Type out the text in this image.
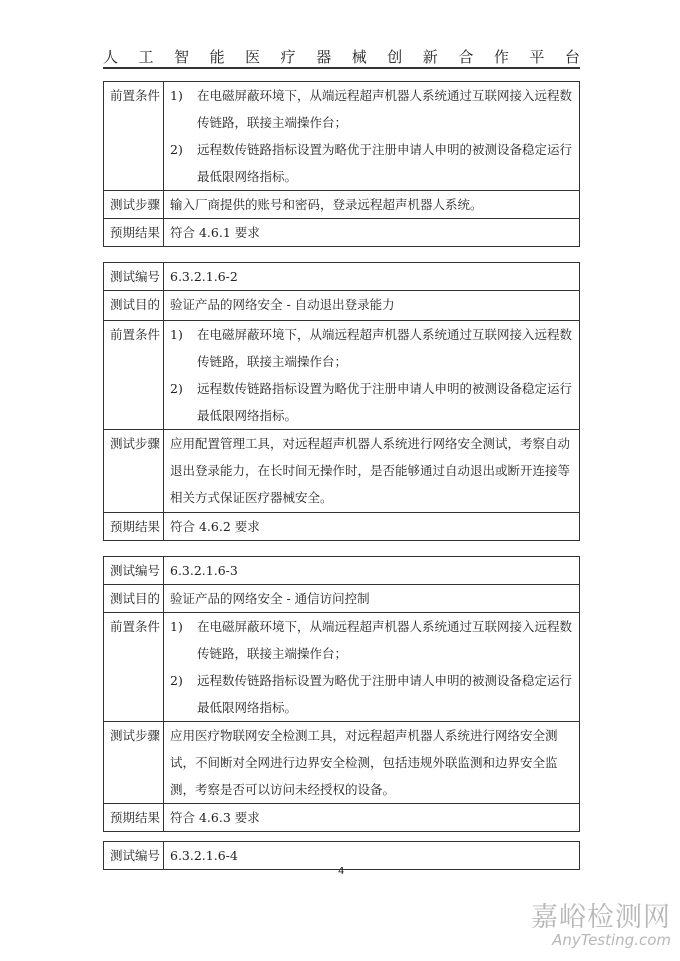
人 工 智 能 医 疗 器 械 创 新 合 作 平 台
前置条件	1) 在电磁屏蔽环境下，从端远程超声机器人系统通过互联网接入远程数传链路，联接主端操作台；
2) 远程数传链路指标设置为略优于注册申请人申明的被测设备稳定运行最低限网络指标。

测试步骤	输入厂商提供的账号和密码，登录远程超声机器人系统。
预期结果	符合 4.6.1 要求
测试编号	6.3.2.1.6-2
测试目的	验证产品的网络安全 - 自动退出登录能力
前置条件	1) 在电磁屏蔽环境下，从端远程超声机器人系统通过互联网接入远程数传链路，联接主端操作台；
2) 远程数传链路指标设置为略优于注册申请人申明的被测设备稳定运行最低限网络指标。

测试步骤	应用配置管理工具，对远程超声机器人系统进行网络安全测试，考察自动退出登录能力，在长时间无操作时，是否能够通过自动退出或断开连接等相关方式保证医疗器械安全。
预期结果	符合 4.6.2 要求
测试编号	6.3.2.1.6-3
测试目的	验证产品的网络安全 - 通信访问控制
前置条件	1) 在电磁屏蔽环境下，从端远程超声机器人系统通过互联网接入远程数传链路，联接主端操作台；
2) 远程数传链路指标设置为略优于注册申请人申明的被测设备稳定运行最低限网络指标。

测试步骤	应用医疗物联网安全检测工具，对远程超声机器人系统进行网络安全测试，不间断对全网进行边界安全检测，包括违规外联监测和边界安全监测，考察是否可以访问未经授权的设备。
预期结果	符合 4.6.3 要求
测试编号	6.3.2.1.6-4
4
嘉峪检测网
AnyTesting.com
